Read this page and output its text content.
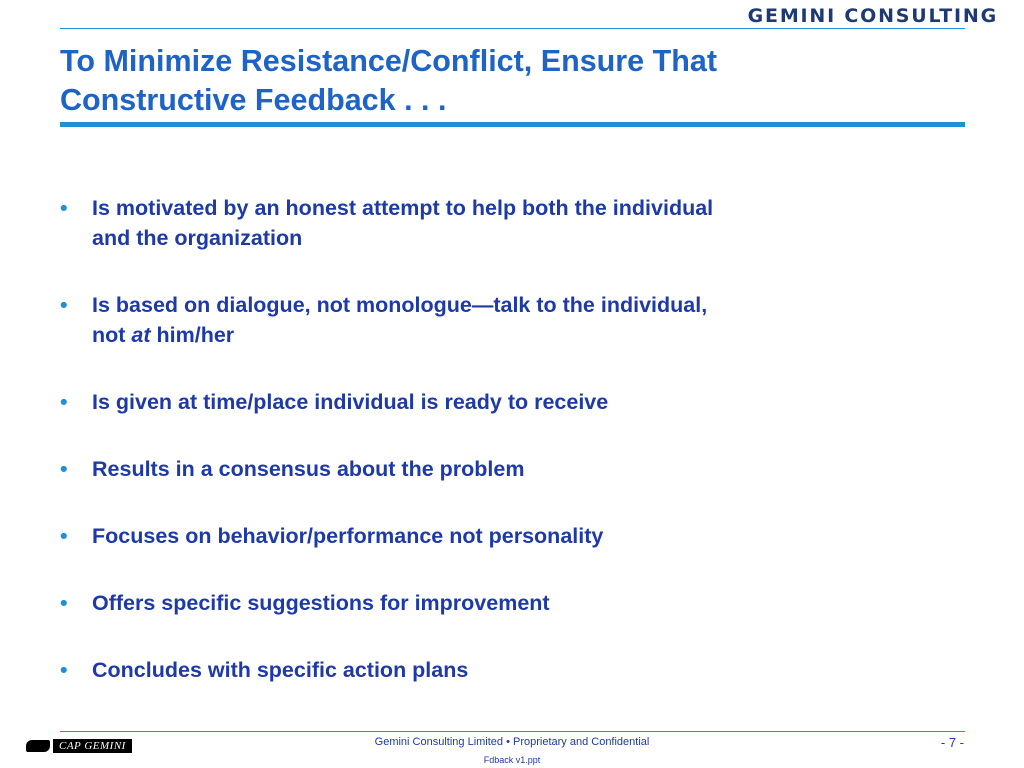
GEMINI CONSULTING
To Minimize Resistance/Conflict, Ensure That
Constructive Feedback . . .
•	Is motivated by an honest attempt to help both the individual
and the organization
•	Is based on dialogue, not monologue—talk to the individual,
not at him/her
•	Is given at time/place individual is ready to receive
•	Results in a consensus about the problem
•	Focuses on behavior/performance not personality
•	Offers specific suggestions for improvement
•	Concludes with specific action plans
CAP GEMINI	Gemini Consulting Limited • Proprietary and Confidential
Fdback v1.ppt
- 7 -
